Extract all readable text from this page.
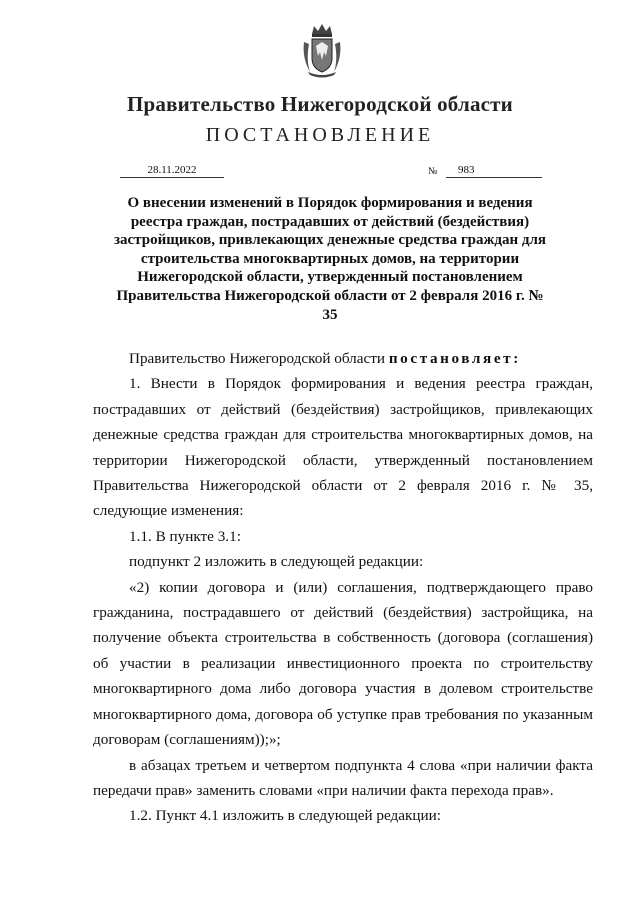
Правительство Нижегородской области
ПОСТАНОВЛЕНИЕ
28.11.2022	№	983
О внесении изменений в Порядок формирования и ведения реестра граждан, пострадавших от действий (бездействия) застройщиков, привлекающих денежные средства граждан для строительства многоквартирных домов, на территории Нижегородской области, утвержденный постановлением Правительства Нижегородской области от 2 февраля 2016 г. № 35

Правительство Нижегородской области постановляет:

1. Внести в Порядок формирования и ведения реестра граждан, пострадавших от действий (бездействия) застройщиков, привлекающих денежные средства граждан для строительства многоквартирных домов, на территории Нижегородской области, утвержденный постановлением Правительства Нижегородской области от 2 февраля 2016 г. № 35, следующие изменения:

1.1. В пункте 3.1:

подпункт 2 изложить в следующей редакции:

«2) копии договора и (или) соглашения, подтверждающего право гражданина, пострадавшего от действий (бездействия) застройщика, на получение объекта строительства в собственность (договора (соглашения) об участии в реализации инвестиционного проекта по строительству многоквартирного дома либо договора участия в долевом строительстве многоквартирного дома, договора об уступке прав требования по указанным договорам (соглашениям));»;

в абзацах третьем и четвертом подпункта 4 слова «при наличии факта передачи прав» заменить словами «при наличии факта перехода прав».

1.2. Пункт 4.1 изложить в следующей редакции:
